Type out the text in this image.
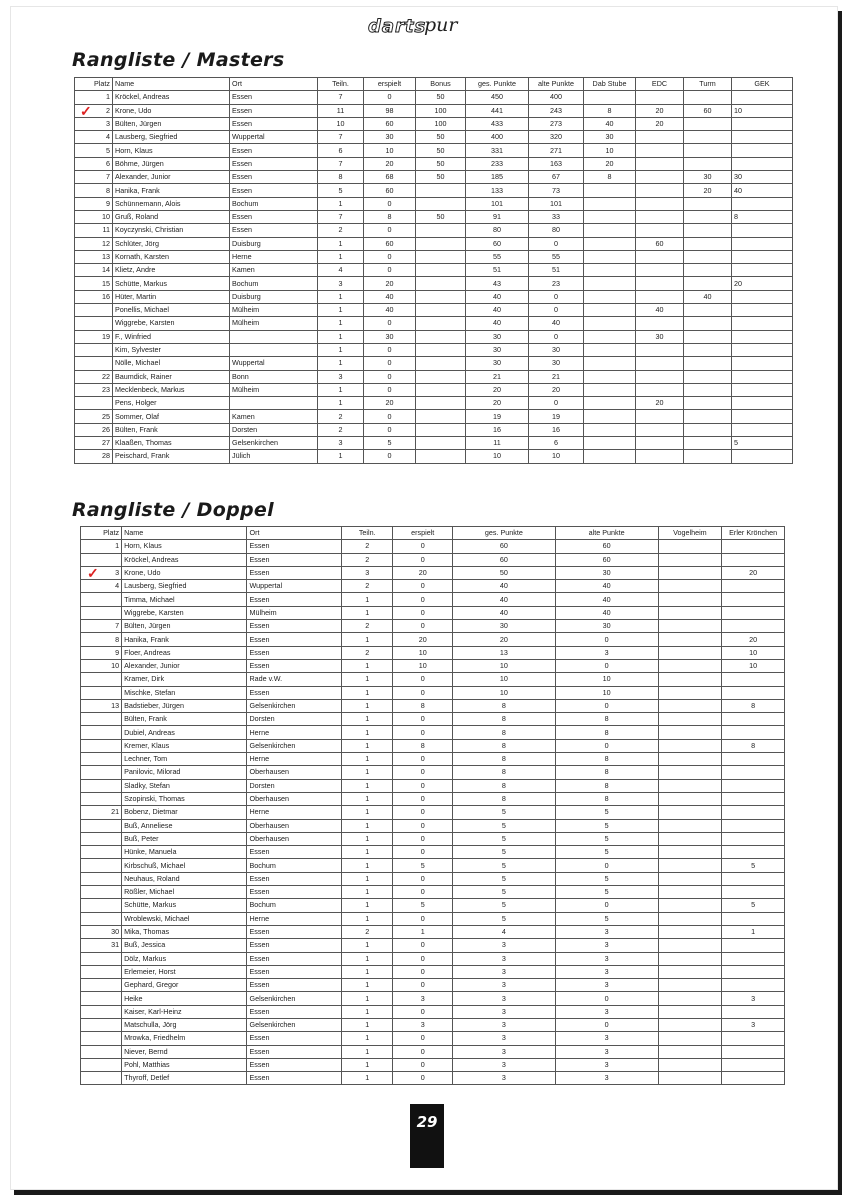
darts
pur
Rangliste / Masters
Platz	Name	Ort	Teiln.	erspielt	Bonus	ges. Punkte	alte Punkte	Dab Stube	EDC	Turm	GEK
1	Kröckel, Andreas	Essen	7	0	50	450	400				
2	Krone, Udo	Essen	11	98	100	441	243	8	20	60	10
3	Bülten, Jürgen	Essen	10	60	100	433	273	40	20		
4	Lausberg, Siegfried	Wuppertal	7	30	50	400	320	30			
5	Horn, Klaus	Essen	6	10	50	331	271	10			
6	Böhme, Jürgen	Essen	7	20	50	233	163	20			
7	Alexander, Junior	Essen	8	68	50	185	67	8		30	30
8	Hanika, Frank	Essen	5	60		133	73			20	40
9	Schünnemann, Alois	Bochum	1	0		101	101				
10	Gruß, Roland	Essen	7	8	50	91	33				8
11	Koyczynski, Christian	Essen	2	0		80	80				
12	Schlüter, Jörg	Duisburg	1	60		60	0		60		
13	Kornath, Karsten	Herne	1	0		55	55				
14	Klietz, Andre	Kamen	4	0		51	51				
15	Schütte, Markus	Bochum	3	20		43	23				20
16	Hüter, Martin	Duisburg	1	40		40	0			40	
	Ponellis, Michael	Mülheim	1	40		40	0		40		
	Wiggrebe, Karsten	Mülheim	1	0		40	40				
19	F., Winfried		1	30		30	0		30		
	Kim, Sylvester		1	0		30	30				
	Nölle, Michael	Wuppertal	1	0		30	30				
22	Baumdick, Rainer	Bonn	3	0		21	21				
23	Mecklenbeck, Markus	Mülheim	1	0		20	20				
	Pens, Holger		1	20		20	0		20		
25	Sommer, Olaf	Kamen	2	0		19	19				
26	Bülten, Frank	Dorsten	2	0		16	16				
27	Klaaßen, Thomas	Gelsenkirchen	3	5		11	6				5
28	Peischard, Frank	Jülich	1	0		10	10				
✓
Rangliste / Doppel
Platz	Name	Ort	Teiln.	erspielt	ges. Punkte	alte Punkte	Vogelheim	Erler Krönchen
1	Horn, Klaus	Essen	2	0	60	60		
	Kröckel, Andreas	Essen	2	0	60	60		
3	Krone, Udo	Essen	3	20	50	30		20
4	Lausberg, Siegfried	Wuppertal	2	0	40	40		
	Timma, Michael	Essen	1	0	40	40		
	Wiggrebe, Karsten	Mülheim	1	0	40	40		
7	Bülten, Jürgen	Essen	2	0	30	30		
8	Hanika, Frank	Essen	1	20	20	0		20
9	Floer, Andreas	Essen	2	10	13	3		10
10	Alexander, Junior	Essen	1	10	10	0		10
	Kramer, Dirk	Rade v.W.	1	0	10	10		
	Mischke, Stefan	Essen	1	0	10	10		
13	Badstieber, Jürgen	Gelsenkirchen	1	8	8	0		8
	Bülten, Frank	Dorsten	1	0	8	8		
	Dubiel, Andreas	Herne	1	0	8	8		
	Kremer, Klaus	Gelsenkirchen	1	8	8	0		8
	Lechner, Tom	Herne	1	0	8	8		
	Panilovic, Milorad	Oberhausen	1	0	8	8		
	Sladky, Stefan	Dorsten	1	0	8	8		
	Szopinski, Thomas	Oberhausen	1	0	8	8		
21	Bobenz, Dietmar	Herne	1	0	5	5		
	Buß, Anneliese	Oberhausen	1	0	5	5		
	Buß, Peter	Oberhausen	1	0	5	5		
	Hünke, Manuela	Essen	1	0	5	5		
	Kirbschuß, Michael	Bochum	1	5	5	0		5
	Neuhaus, Roland	Essen	1	0	5	5		
	Rößler, Michael	Essen	1	0	5	5		
	Schütte, Markus	Bochum	1	5	5	0		5
	Wroblewski, Michael	Herne	1	0	5	5		
30	Mika, Thomas	Essen	2	1	4	3		1
31	Buß, Jessica	Essen	1	0	3	3		
	Dölz, Markus	Essen	1	0	3	3		
	Erlemeier, Horst	Essen	1	0	3	3		
	Gephard, Gregor	Essen	1	0	3	3		
	Heike	Gelsenkirchen	1	3	3	0		3
	Kaiser, Karl-Heinz	Essen	1	0	3	3		
	Matschulla, Jörg	Gelsenkirchen	1	3	3	0		3
	Mrowka, Friedhelm	Essen	1	0	3	3		
	Niever, Bernd	Essen	1	0	3	3		
	Pohl, Matthias	Essen	1	0	3	3		
	Thyroff, Detlef	Essen	1	0	3	3		
✓
29
